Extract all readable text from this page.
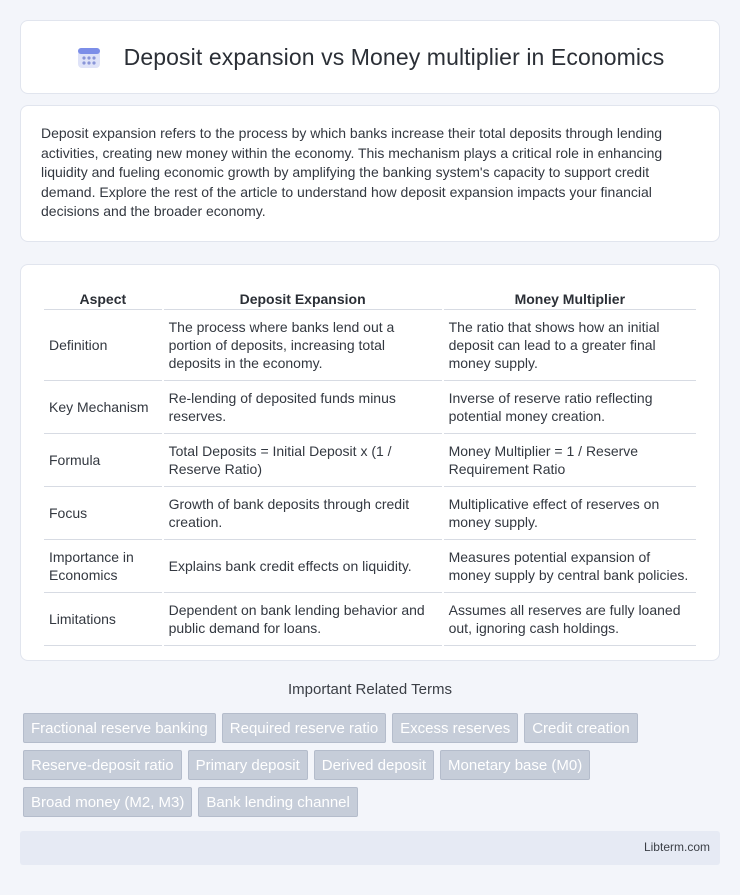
Deposit expansion vs Money multiplier in Economics

Deposit expansion refers to the process by which banks increase their total deposits through lending activities, creating new money within the economy. This mechanism plays a critical role in enhancing liquidity and fueling economic growth by amplifying the banking system's capacity to support credit demand. Explore the rest of the article to understand how deposit expansion impacts your financial decisions and the broader economy.

Aspect	Deposit Expansion	Money Multiplier
Definition	The process where banks lend out a portion of deposits, increasing total deposits in the economy.	The ratio that shows how an initial deposit can lead to a greater final money supply.
Key Mechanism	Re-lending of deposited funds minus reserves.	Inverse of reserve ratio reflecting potential money creation.
Formula	Total Deposits = Initial Deposit x (1 / Reserve Ratio)	Money Multiplier = 1 / Reserve Requirement Ratio
Focus	Growth of bank deposits through credit creation.	Multiplicative effect of reserves on money supply.
Importance in Economics	Explains bank credit effects on liquidity.	Measures potential expansion of money supply by central bank policies.
Limitations	Dependent on bank lending behavior and public demand for loans.	Assumes all reserves are fully loaned out, ignoring cash holdings.
Important Related Terms
Fractional reserve banking	Required reserve ratio	Excess reserves	Credit creation
Reserve-deposit ratio	Primary deposit	Derived deposit	Monetary base (M0)
Broad money (M2, M3)	Bank lending channel
Libterm.com
